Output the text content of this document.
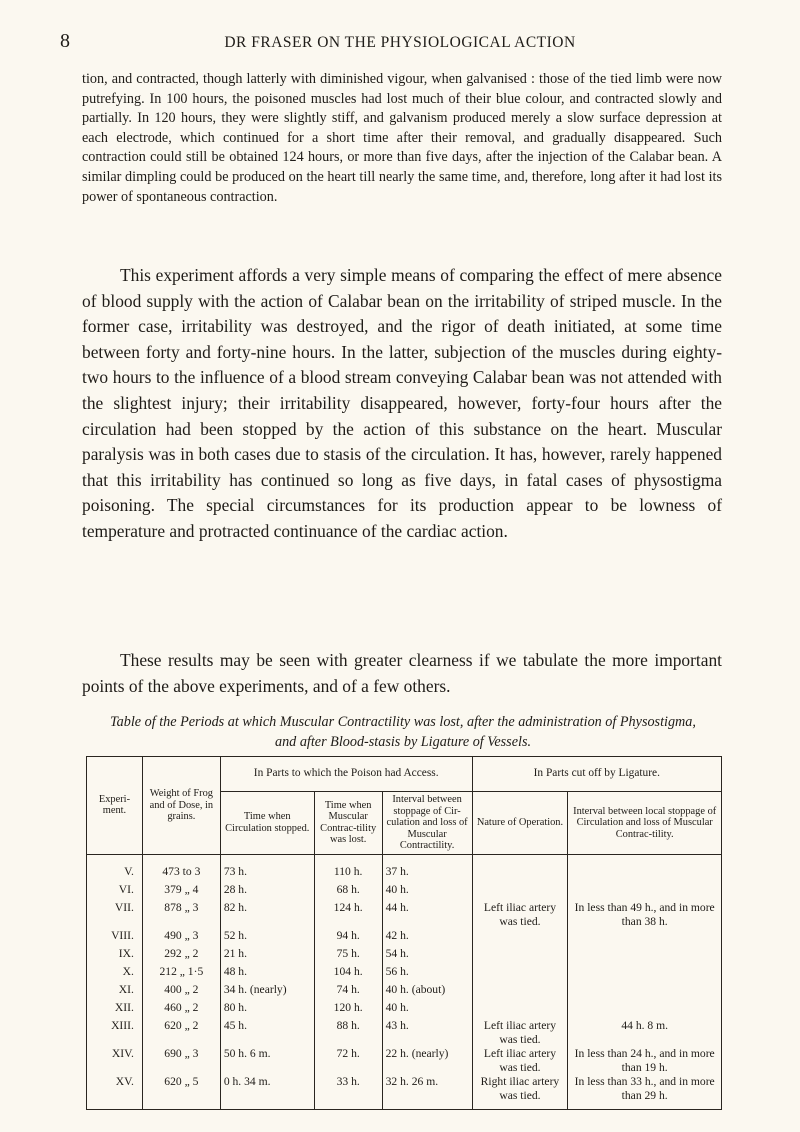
8	DR FRASER ON THE PHYSIOLOGICAL ACTION

tion, and contracted, though latterly with diminished vigour, when galvanised : those of the tied limb were now putrefying. In 100 hours, the poisoned muscles had lost much of their blue colour, and contracted slowly and partially. In 120 hours, they were slightly stiff, and galvanism produced merely a slow surface depression at each electrode, which continued for a short time after their removal, and gradually disappeared. Such contraction could still be obtained 124 hours, or more than five days, after the injection of the Calabar bean. A similar dimpling could be produced on the heart till nearly the same time, and, therefore, long after it had lost its power of spontaneous contraction.

This experiment affords a very simple means of comparing the effect of mere absence of blood supply with the action of Calabar bean on the irritability of striped muscle. In the former case, irritability was destroyed, and the rigor of death initiated, at some time between forty and forty-nine hours. In the latter, subjection of the muscles during eighty-two hours to the influence of a blood stream conveying Calabar bean was not attended with the slightest injury; their irritability disappeared, however, forty-four hours after the circulation had been stopped by the action of this substance on the heart. Muscular paralysis was in both cases due to stasis of the circulation. It has, however, rarely happened that this irritability has continued so long as five days, in fatal cases of physostigma poisoning. The special circumstances for its production appear to be lowness of temperature and protracted continuance of the cardiac action.

These results may be seen with greater clearness if we tabulate the more important points of the above experiments, and of a few others.

Table of the Periods at which Muscular Contractility was lost, after the administration of Physostigma, and after Blood-stasis by Ligature of Vessels.

Experi-ment.	Weight of Frog and of Dose, in grains.	In Parts to which the Poison had Access.			In Parts cut off by Ligature.	
		Time when Circulation stopped.	Time when Muscular Contrac-tility was lost.	Interval between stoppage of Cir-culation and loss of Muscular Contractility.	Nature of Operation.	Interval between local stoppage of Circulation and loss of Muscular Contrac-tility.
V.	473 to 3	73 h.	110 h.	37 h.		
VI.	379 „ 4	28 h.	68 h.	40 h.		
VII.	878 „ 3	82 h.	124 h.	44 h.	Left iliac artery was tied.	In less than 49 h., and in more than 38 h.
VIII.	490 „ 3	52 h.	94 h.	42 h.		
IX.	292 „ 2	21 h.	75 h.	54 h.		
X.	212 „ 1·5	48 h.	104 h.	56 h.		
XI.	400 „ 2	34 h. (nearly)	74 h.	40 h. (about)		
XII.	460 „ 2	80 h.	120 h.	40 h.		
XIII.	620 „ 2	45 h.	88 h.	43 h.	Left iliac artery was tied.	44 h. 8 m.
XIV.	690 „ 3	50 h. 6 m.	72 h.	22 h. (nearly)	Left iliac artery was tied.	In less than 24 h., and in more than 19 h.
XV.	620 „ 5	0 h. 34 m.	33 h.	32 h. 26 m.	Right iliac artery was tied.	In less than 33 h., and in more than 29 h.
